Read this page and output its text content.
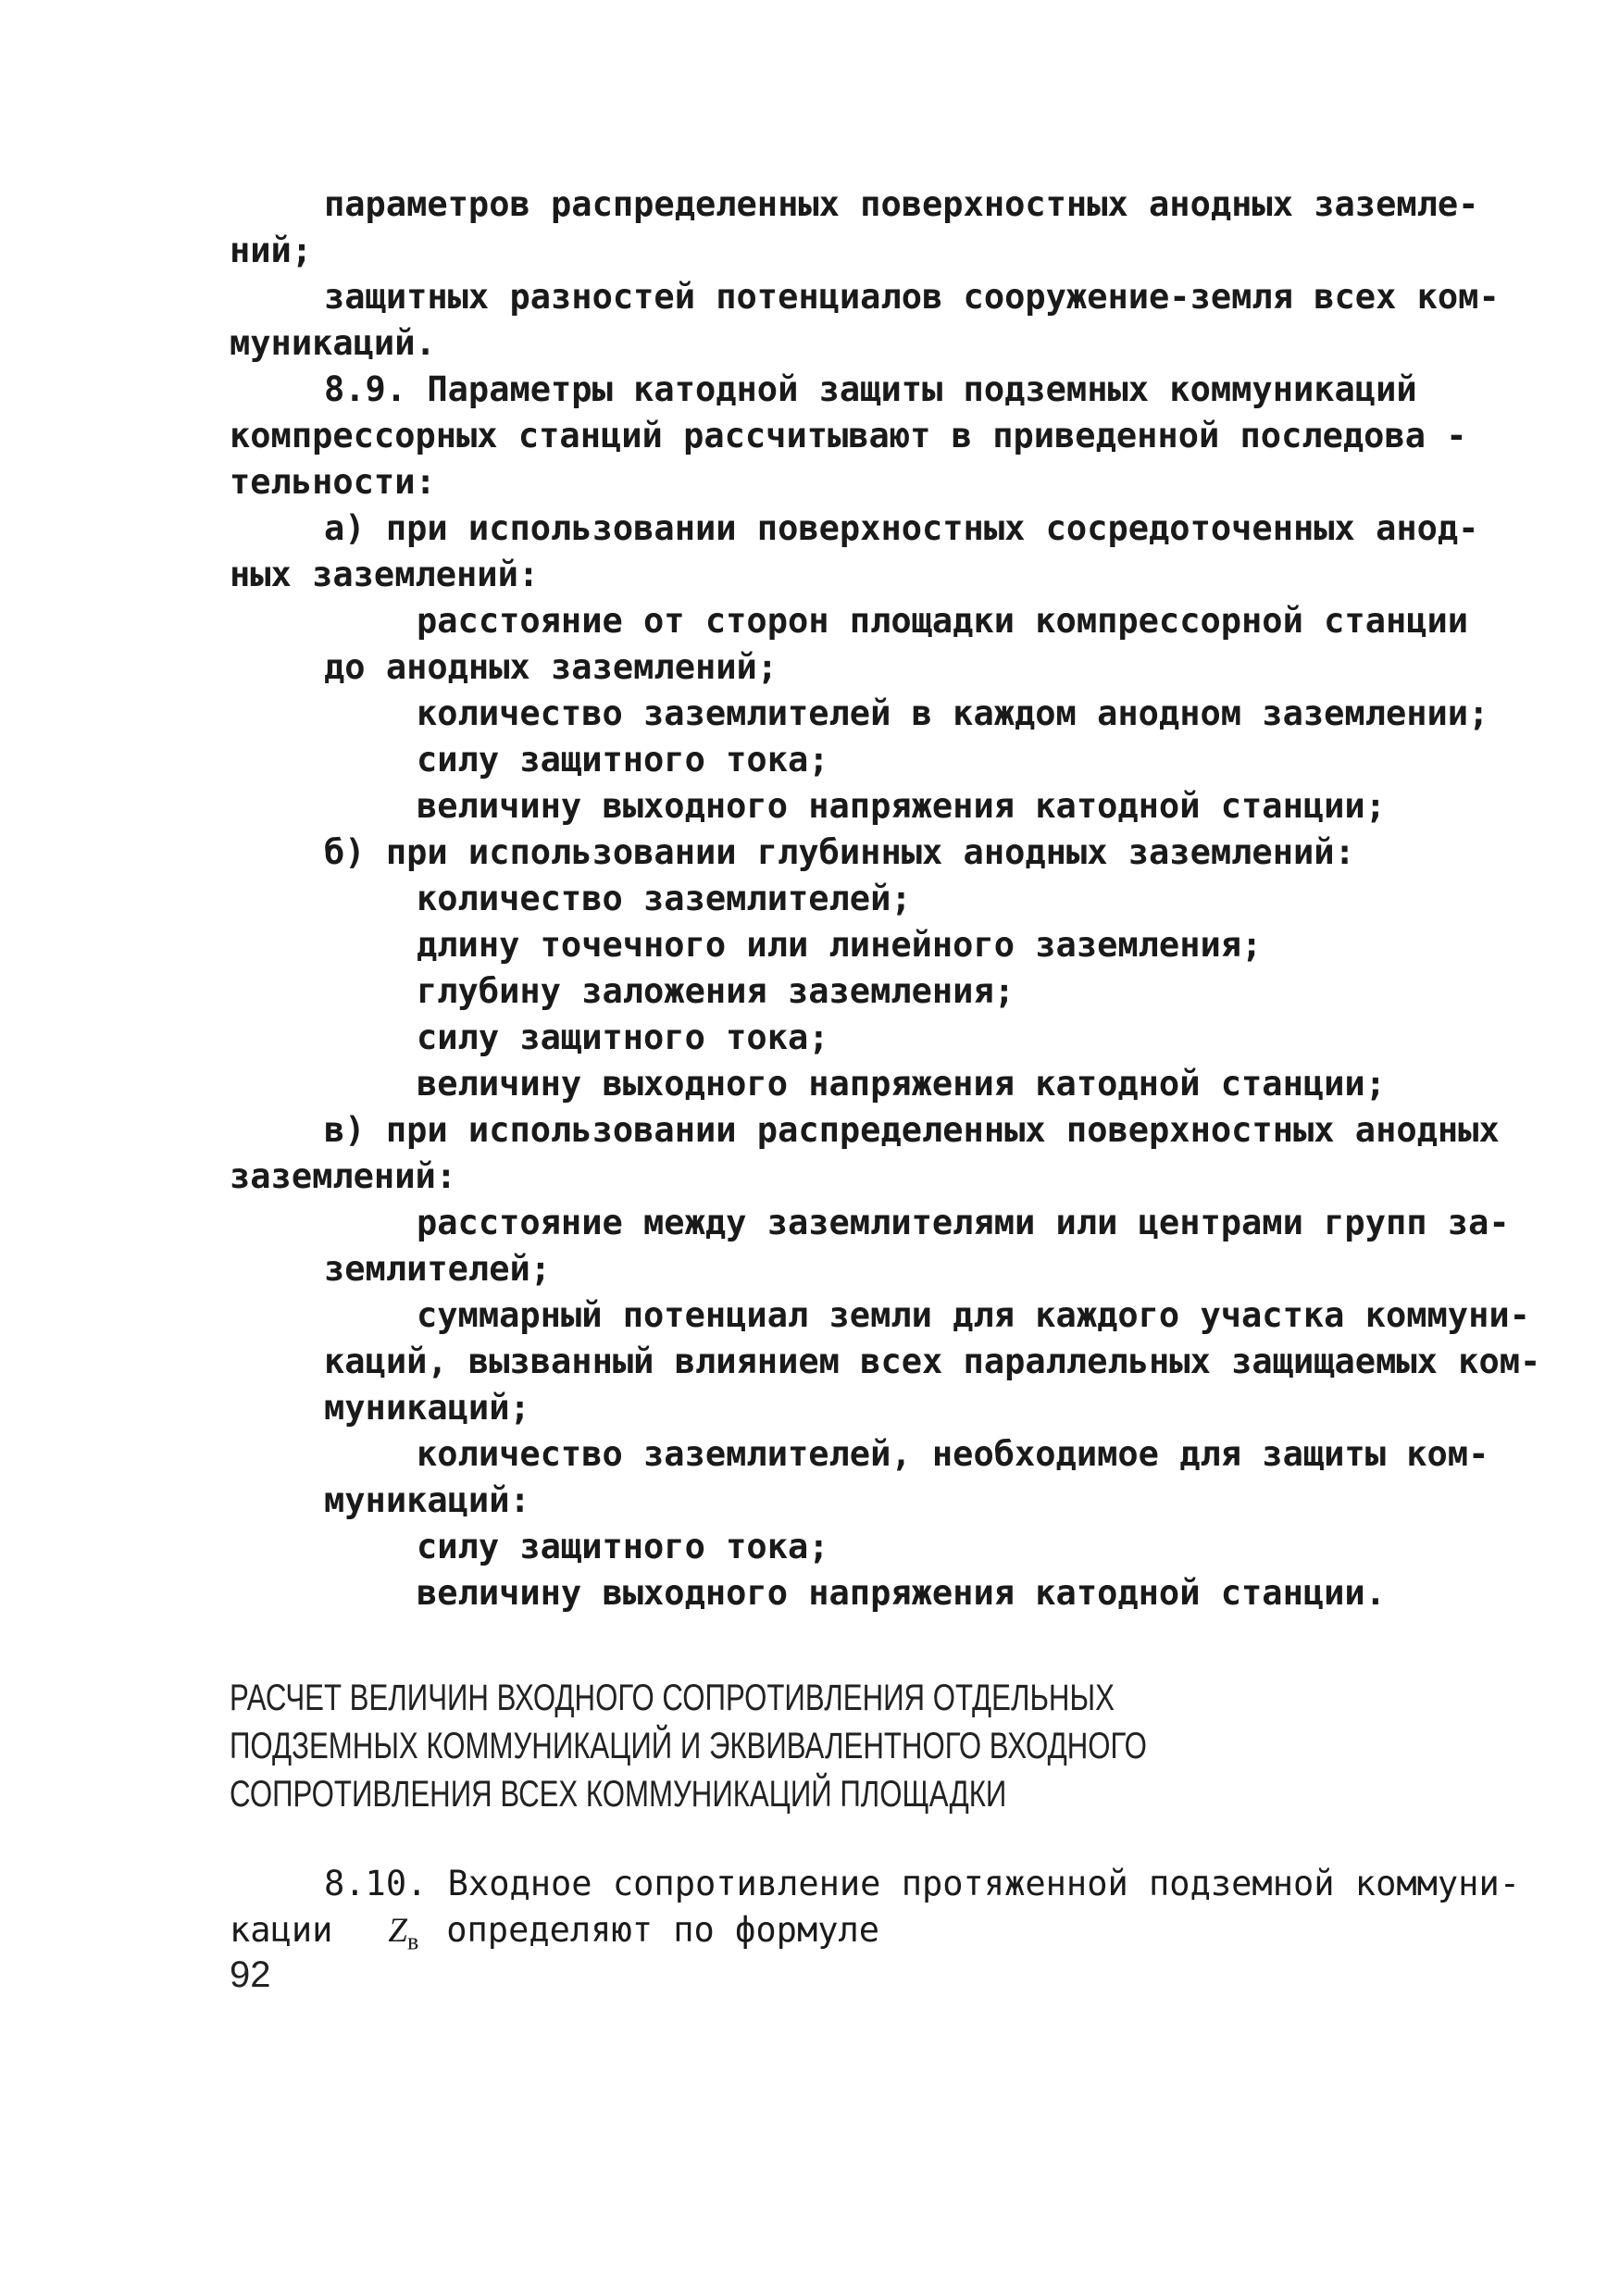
параметров распределенных поверхностных анодных заземле-
ний;
защитных разностей потенциалов сооружение-земля всех ком-
муникаций.
8.9. Параметры катодной защиты подземных коммуникаций
компрессорных станций рассчитывают в приведенной последова -
тельности:
а) при использовании поверхностных сосредоточенных анод-
ных заземлений:
расстояние от сторон площадки компрессорной станции
до анодных заземлений;
количество заземлителей в каждом анодном заземлении;
силу защитного тока;
величину выходного напряжения катодной станции;
б) при использовании глубинных анодных заземлений:
количество заземлителей;
длину точечного или линейного заземления;
глубину заложения заземления;
силу защитного тока;
величину выходного напряжения катодной станции;
в) при использовании распределенных поверхностных анодных
заземлений:
расстояние между заземлителями или центрами групп за-
землителей;
суммарный потенциал земли для каждого участка коммуни-
каций, вызванный влиянием всех параллельных защищаемых ком-
муникаций;
количество заземлителей, необходимое для защиты ком-
муникаций:
силу защитного тока;
величину выходного напряжения катодной станции.
РАСЧЕТ ВЕЛИЧИН ВХОДНОГО СОПРОТИВЛЕНИЯ ОТДЕЛЬНЫХ
ПОДЗЕМНЫХ КОММУНИКАЦИЙ И ЭКВИВАЛЕНТНОГО ВХОДНОГО
СОПРОТИВЛЕНИЯ ВСЕХ КОММУНИКАЦИЙ ПЛОЩАДКИ
8.10. Входное сопротивление протяженной подземной коммуни-
кации $Z_в$ определяют по формуле
92
